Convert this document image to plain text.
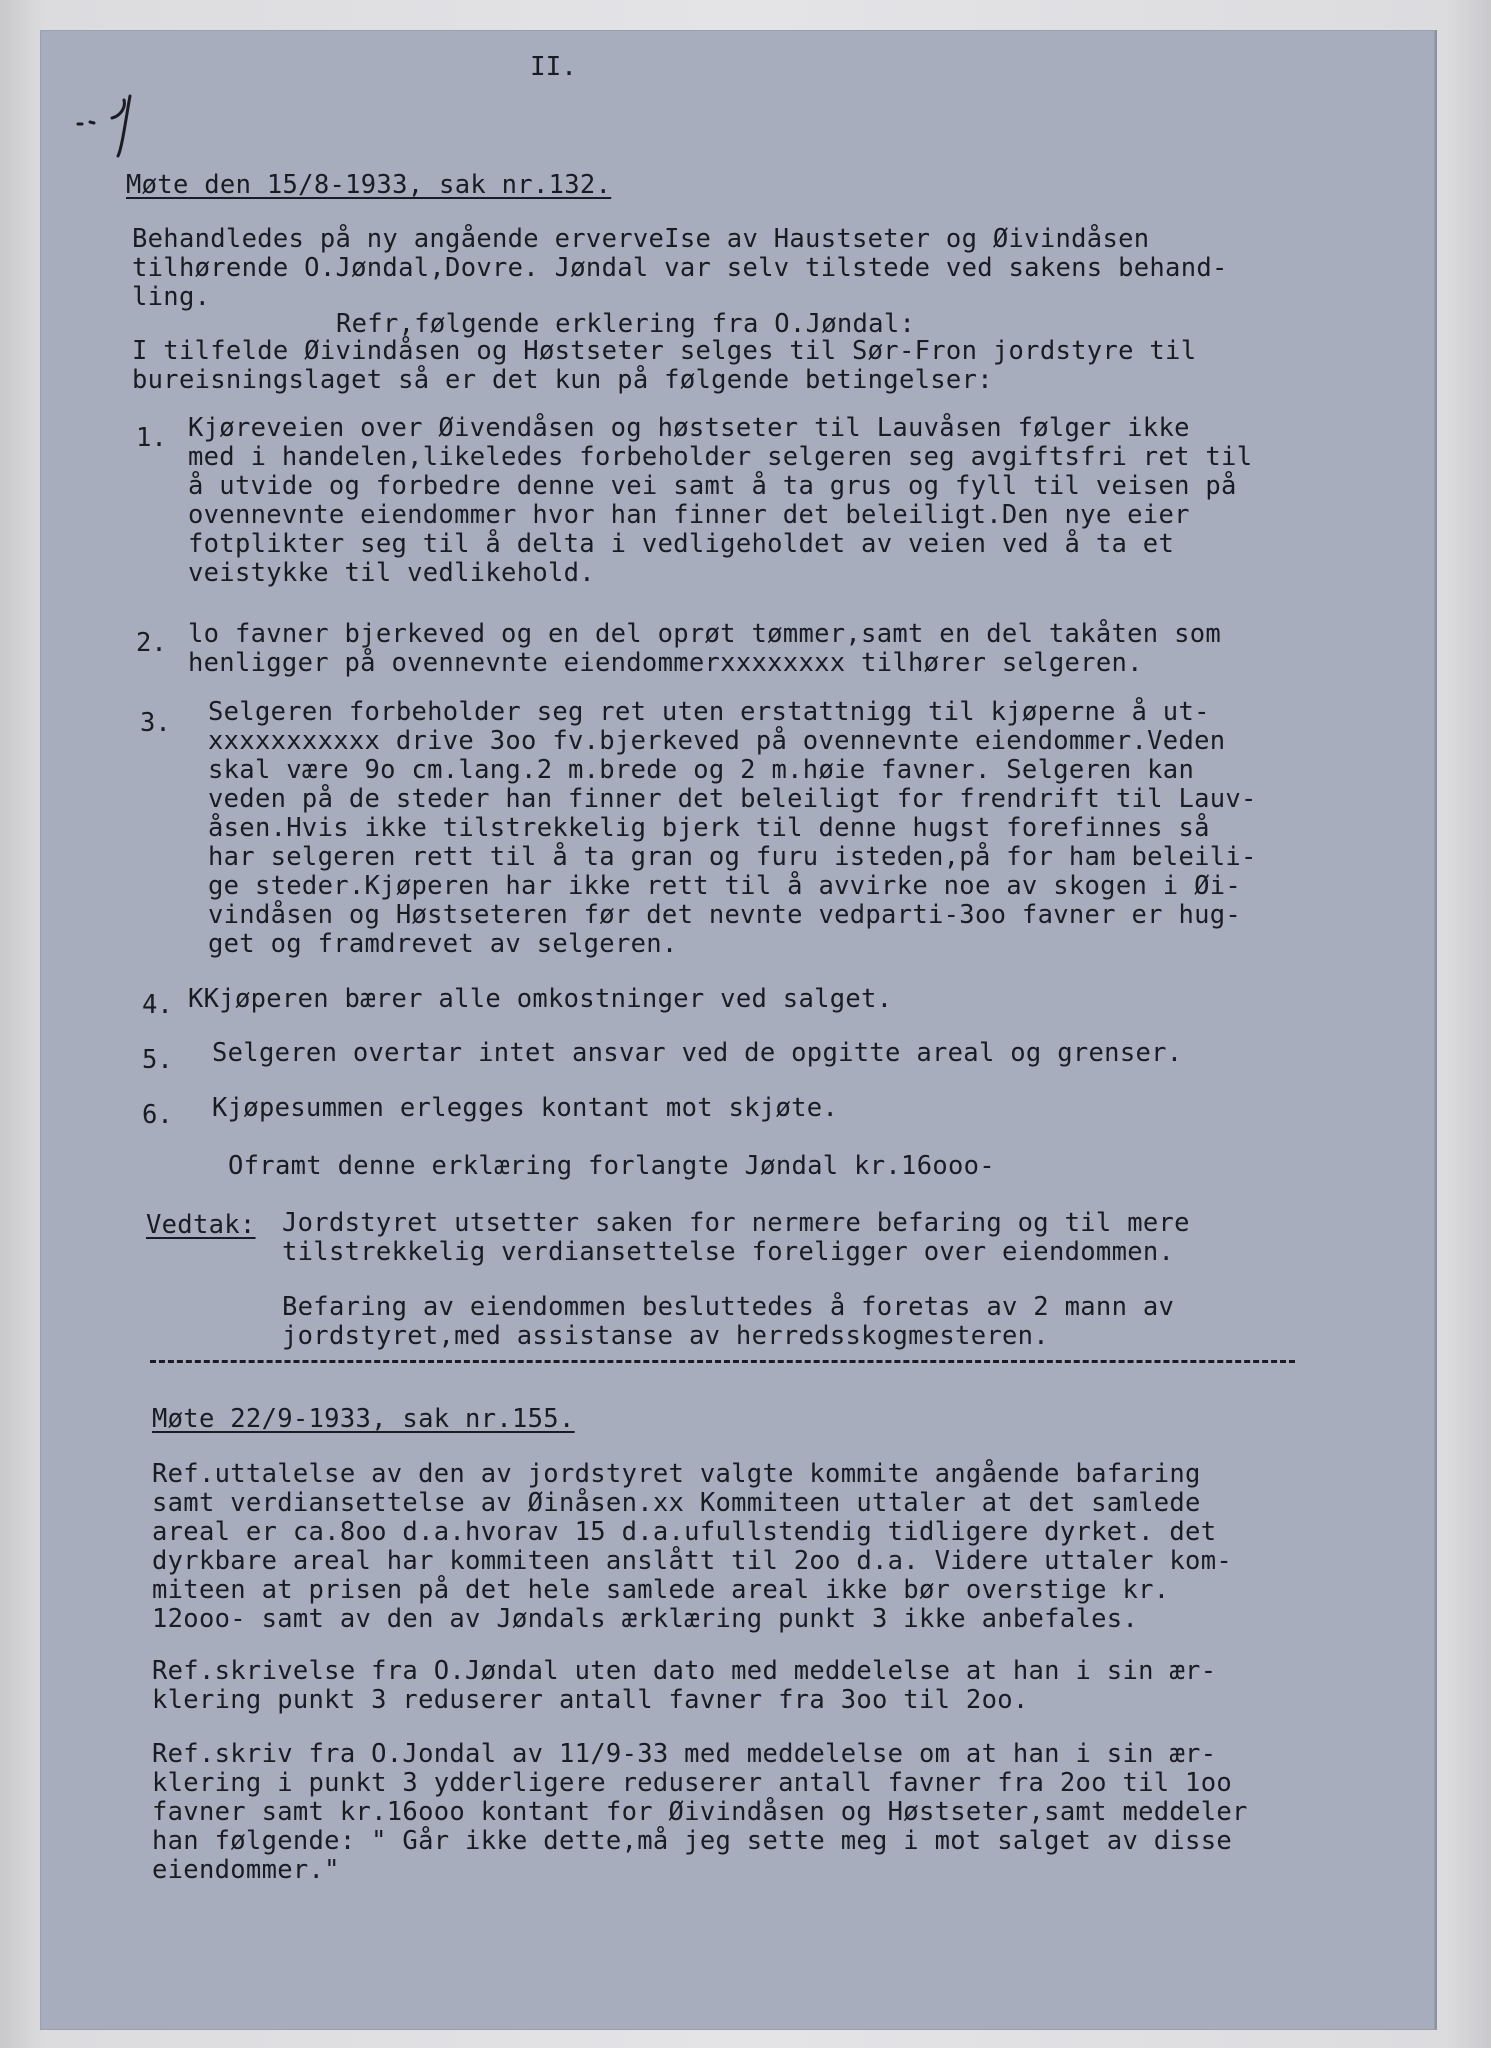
II.

Møte den 15/8-1933, sak nr.132.

Behandledes på ny angående erverveIse av Haustseter og Øivindåsen
tilhørende O.Jøndal,Dovre. Jøndal var selv tilstede ved sakens behand-
ling.

Refr,følgende erklering fra O.Jøndal:

I tilfelde Øivindåsen og Høstseter selges til Sør-Fron jordstyre til
bureisningslaget så er det kun på følgende betingelser:

1. Kjøreveien over Øivendåsen og høstseter til Lauvåsen følger ikke
med i handelen,likeledes forbeholder selgeren seg avgiftsfri ret til
å utvide og forbedre denne vei samt å ta grus og fyll til veisen på
ovennevnte eiendommer hvor han finner det beleiligt.Den nye eier
fotplikter seg til å delta i vedligeholdet av veien ved å ta et
veistykke til vedlikehold.

2. lo favner bjerkeved og en del oprøt tømmer,samt en del takåten som
henligger på ovennevnte eiendommerxxxxxxxx tilhører selgeren.

3. Selgeren forbeholder seg ret uten erstattnigg til kjøperne å ut-
xxxxxxxxxxx drive 3oo fv.bjerkeved på ovennevnte eiendommer.Veden
skal være 9o cm.lang.2 m.brede og 2 m.høie favner. Selgeren kan
veden på de steder han finner det beleiligt for frendrift til Lauv-
åsen.Hvis ikke tilstrekkelig bjerk til denne hugst forefinnes så
har selgeren rett til å ta gran og furu isteden,på for ham beleili-
ge steder.Kjøperen har ikke rett til å avvirke noe av skogen i Øi-
vindåsen og Høstseteren før det nevnte vedparti-3oo favner er hug-
get og framdrevet av selgeren.

4. KKjøperen bærer alle omkostninger ved salget.

5. Selgeren overtar intet ansvar ved de opgitte areal og grenser.

6. Kjøpesummen erlegges kontant mot skjøte.

Oframt denne erklæring forlangte Jøndal kr.16ooo-

Vedtak: Jordstyret utsetter saken for nermere befaring og til mere
tilstrekkelig verdiansettelse foreligger over eiendommen.

Befaring av eiendommen besluttedes å foretas av 2 mann av
jordstyret,med assistanse av herredsskogmesteren.

Møte 22/9-1933, sak nr.155.

Ref.uttalelse av den av jordstyret valgte kommite angående bafaring
samt verdiansettelse av Øinåsen.xx Kommiteen uttaler at det samlede
areal er ca.8oo d.a.hvorav 15 d.a.ufullstendig tidligere dyrket. det
dyrkbare areal har kommiteen anslått til 2oo d.a. Videre uttaler kom-
miteen at prisen på det hele samlede areal ikke bør overstige kr.
12ooo- samt av den av Jøndals ærklæring punkt 3 ikke anbefales.

Ref.skrivelse fra O.Jøndal uten dato med meddelelse at han i sin ær-
klering punkt 3 reduserer antall favner fra 3oo til 2oo.

Ref.skriv fra O.Jondal av 11/9-33 med meddelelse om at han i sin ær-
klering i punkt 3 ydderligere reduserer antall favner fra 2oo til 1oo
favner samt kr.16ooo kontant for Øivindåsen og Høstseter,samt meddeler
han følgende: " Går ikke dette,må jeg sette meg i mot salget av disse
eiendommer."
